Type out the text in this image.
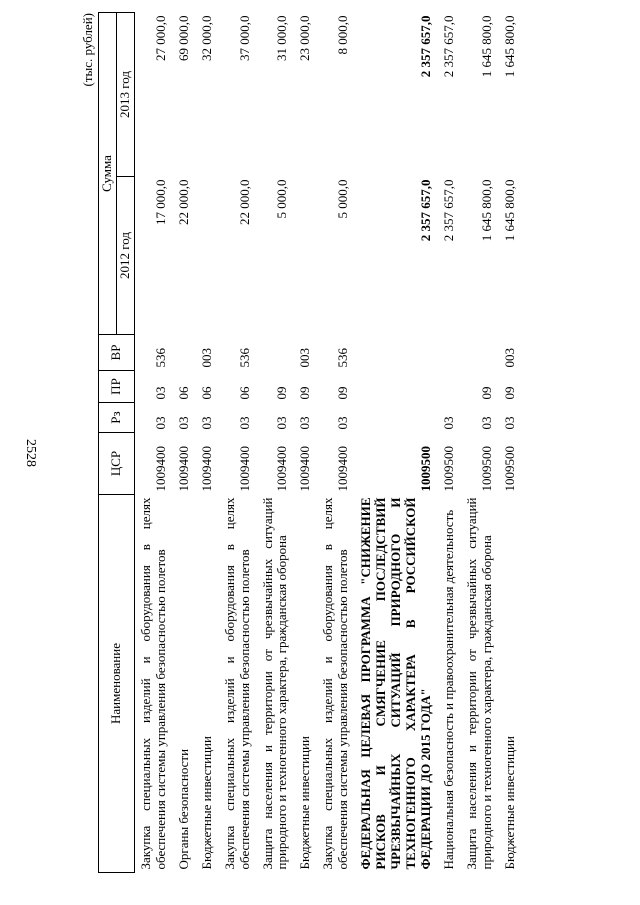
2528
(тыс. рублей)
Наименование	ЦСР	Рз	ПР	ВР	Сумма	
					2012 год	2013 год
Закупка специальных изделий и оборудования в целях обеспечения системы управления безопасностью полетов	1009400	03	03	536	17 000,0	27 000,0
Органы безопасности	1009400	03	06		22 000,0	69 000,0
Бюджетные инвестиции	1009400	03	06	003		32 000,0
Закупка специальных изделий и оборудования в целях обеспечения системы управления безопасностью полетов	1009400	03	06	536	22 000,0	37 000,0
Защита населения и территории от чрезвычайных ситуаций природного и техногенного характера, гражданская оборона	1009400	03	09		5 000,0	31 000,0
Бюджетные инвестиции	1009400	03	09	003		23 000,0
Закупка специальных изделий и оборудования в целях обеспечения системы управления безопасностью полетов	1009400	03	09	536	5 000,0	8 000,0
ФЕДЕРАЛЬНАЯ ЦЕЛЕВАЯ ПРОГРАММА "СНИЖЕНИЕ РИСКОВ И СМЯГЧЕНИЕ ПОСЛЕДСТВИЙ ЧРЕЗВЫЧАЙНЫХ СИТУАЦИЙ ПРИРОДНОГО И ТЕХНОГЕННОГО ХАРАКТЕРА В РОССИЙСКОЙ ФЕДЕРАЦИИ ДО 2015 ГОДА"	1009500				2 357 657,0	2 357 657,0
Национальная безопасность и правоохранительная деятельность	1009500	03			2 357 657,0	2 357 657,0
Защита населения и территории от чрезвычайных ситуаций природного и техногенного характера, гражданская оборона	1009500	03	09		1 645 800,0	1 645 800,0
Бюджетные инвестиции	1009500	03	09	003	1 645 800,0	1 645 800,0
